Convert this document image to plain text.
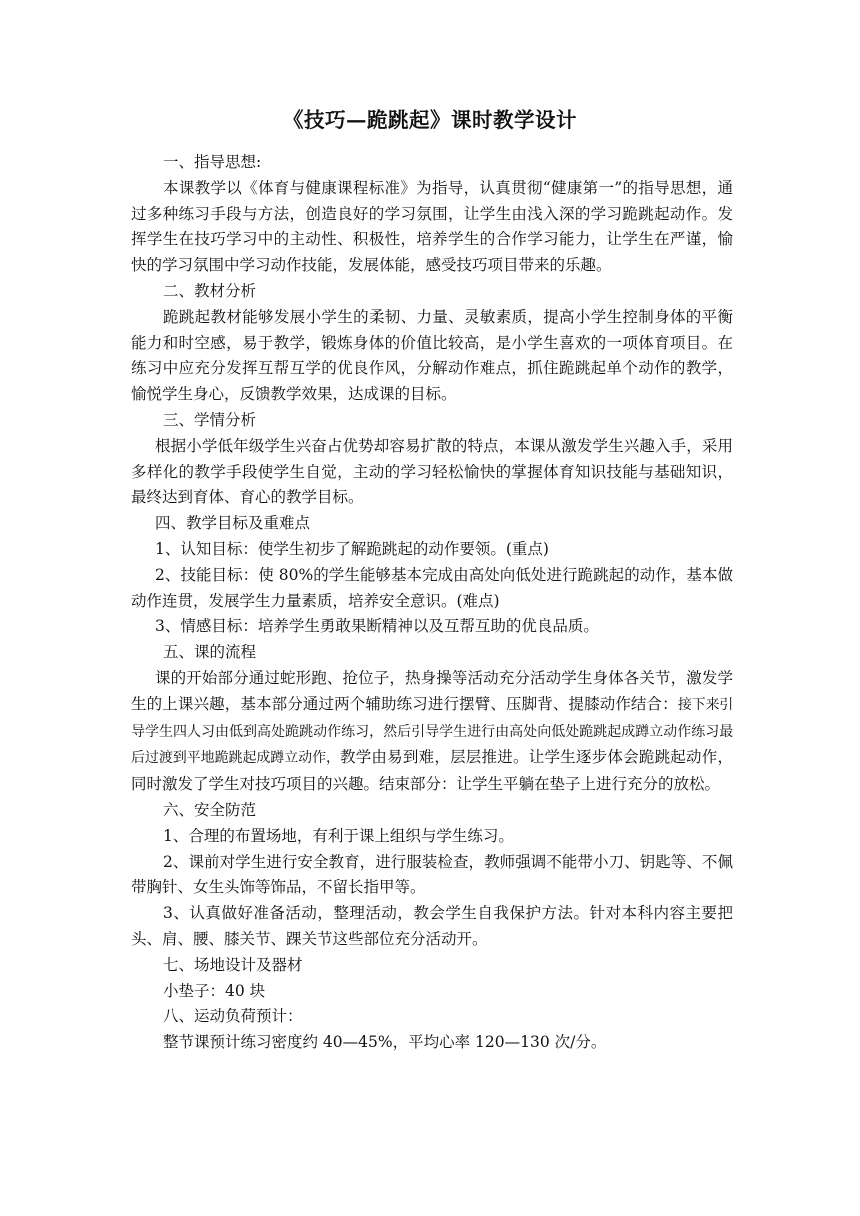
《技巧—跪跳起》课时教学设计

一、指导思想:

本课教学以《体育与健康课程标准》为指导，认真贯彻“健康第一”的指导思想，通过多种练习手段与方法，创造良好的学习氛围，让学生由浅入深的学习跪跳起动作。发挥学生在技巧学习中的主动性、积极性，培养学生的合作学习能力，让学生在严谨，愉快的学习氛围中学习动作技能，发展体能，感受技巧项目带来的乐趣。

二、教材分析

跪跳起教材能够发展小学生的柔韧、力量、灵敏素质，提高小学生控制身体的平衡能力和时空感，易于教学，锻炼身体的价值比较高，是小学生喜欢的一项体育项目。在练习中应充分发挥互帮互学的优良作风，分解动作难点，抓住跪跳起单个动作的教学，愉悦学生身心，反馈教学效果，达成课的目标。

三、学情分析

根据小学低年级学生兴奋占优势却容易扩散的特点，本课从激发学生兴趣入手，采用多样化的教学手段使学生自觉，主动的学习轻松愉快的掌握体育知识技能与基础知识，最终达到育体、育心的教学目标。

四、教学目标及重难点

1、认知目标：使学生初步了解跪跳起的动作要领。(重点)

2、技能目标：使 80%的学生能够基本完成由高处向低处进行跪跳起的动作，基本做动作连贯，发展学生力量素质，培养安全意识。(难点)

3、情感目标：培养学生勇敢果断精神以及互帮互助的优良品质。

五、课的流程

课的开始部分通过蛇形跑、抢位子，热身操等活动充分活动学生身体各关节，激发学生的上课兴趣，基本部分通过两个辅助练习进行摆臂、压脚背、提膝动作结合：接下来引导学生四人习由低到高处跪跳动作练习，然后引导学生进行由高处向低处跪跳起成蹲立动作练习最后过渡到平地跪跳起成蹲立动作，教学由易到难，层层推进。让学生逐步体会跪跳起动作，同时激发了学生对技巧项目的兴趣。结束部分：让学生平躺在垫子上进行充分的放松。

六、安全防范

1、合理的布置场地，有利于课上组织与学生练习。

2、课前对学生进行安全教育，进行服装检查，教师强调不能带小刀、钥匙等、不佩带胸针、女生头饰等饰品，不留长指甲等。

3、认真做好准备活动，整理活动，教会学生自我保护方法。针对本科内容主要把头、肩、腰、膝关节、踝关节这些部位充分活动开。

七、场地设计及器材

小垫子：40 块

八、运动负荷预计：

整节课预计练习密度约 40—45%，平均心率 120—130 次/分。
